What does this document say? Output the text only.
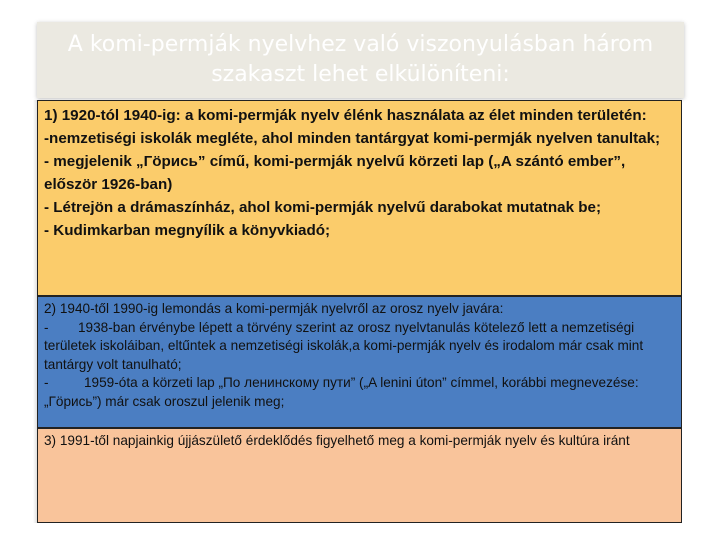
A komi-permják nyelvhez való viszonyulásban három
szakaszt lehet elkülöníteni:
1) 1920-tól 1940-ig: a komi-permják nyelv élénk használata az élet minden területén:
-nemzetiségi iskolák megléte, ahol minden tantárgyat komi-permják nyelven tanultak;
- megjelenik „Гöрись” című, komi-permják nyelvű körzeti lap („A szántó ember”, először 1926-ban)
- Létrejön a drámaszínház, ahol komi-permják nyelvű darabokat mutatnak be;
- Kudimkarban megnyílik a könyvkiadó;
2) 1940-től 1990-ig lemondás a komi-permják nyelvről az orosz nyelv javára:
- 1938-ban érvénybe lépett a törvény szerint az orosz nyelvtanulás kötelező lett a nemzetiségi területek iskoláiban, eltűntek a nemzetiségi iskolák,a komi-permják nyelv és irodalom már csak mint tantárgy volt tanulható;
-	1959-óta a körzeti lap „По ленинскому пути” („A lenini úton” címmel, korábbi megnevezése: „Гöрись”) már csak oroszul jelenik meg;
3) 1991-től napjainkig újjászülető érdeklődés figyelhető meg a komi-permják nyelv és kultúra iránt
